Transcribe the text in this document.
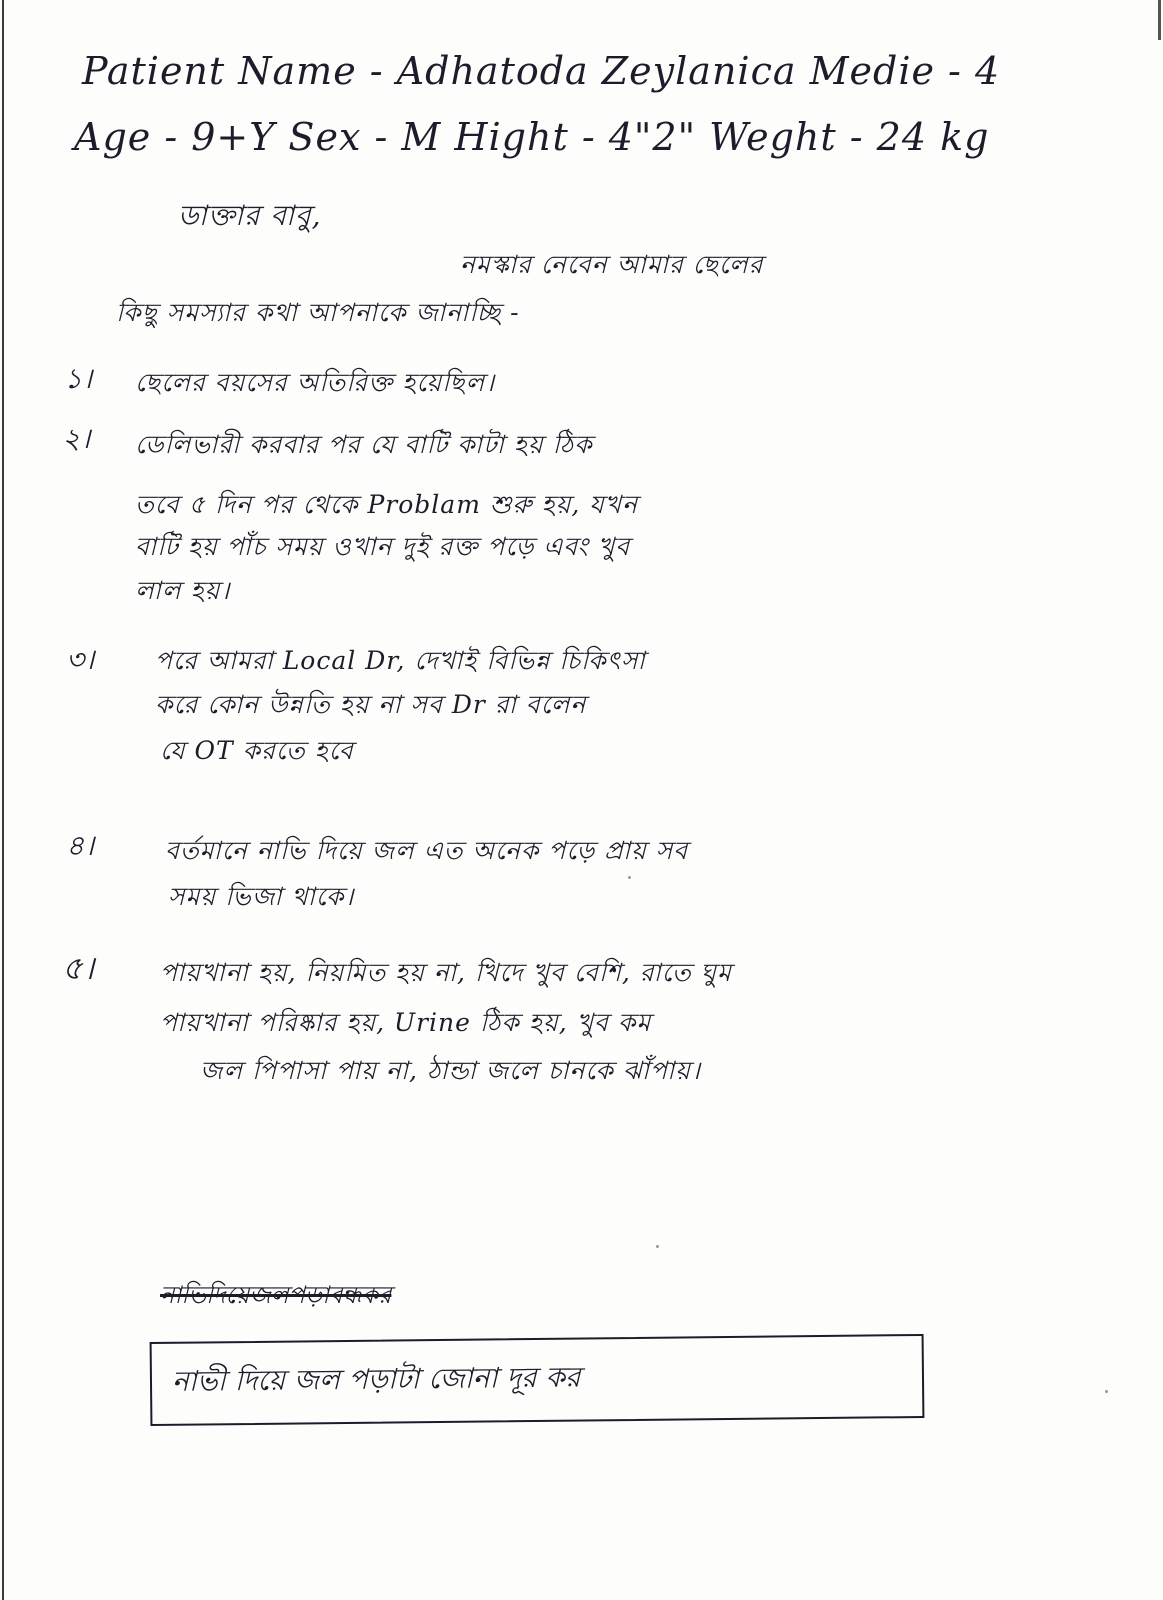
Patient Name - Adhatoda Zeylanica Medie - 4
Age - 9+Y Sex - M Hight - 4"2" Weght - 24 kg
ডাক্তার বাবু,
নমস্কার নেবেন আমার ছেলের
কিছু সমস্যার কথা আপনাকে জানাচ্ছি -
১। ছেলের বয়সের অতিরিক্ত হয়েছিল।
২। ডেলিভারী করবার পর যে বাটি কাটা হয় ঠিক
তবে ৫ দিন পর থেকে Problam শুরু হয়, যখন
বাটি হয় পাঁচ সময় ওখান দুই রক্ত পড়ে এবং খুব
লাল হয়।
৩। পরে আমরা Local Dr, দেখাই বিভিন্ন চিকিৎসা
করে কোন উন্নতি হয় না সব Dr রা বলেন
যে OT করতে হবে
৪।	বর্তমানে নাভি দিয়ে জল এত অনেক পড়ে প্রায় সব
সময় ভিজা থাকে।
৫।	পায়খানা হয়, নিয়মিত হয় না, খিদে খুব বেশি, রাতে ঘুম
পায়খানা পরিষ্কার হয়, Urine ঠিক হয়, খুব কম
জল পিপাসা পায় না, ঠান্ডা জলে চানকে ঝাঁপায়।
নাভিদিয়েজলপড়াবন্ধকর
নাভী দিয়ে জল পড়াটা জোনা দূর কর
